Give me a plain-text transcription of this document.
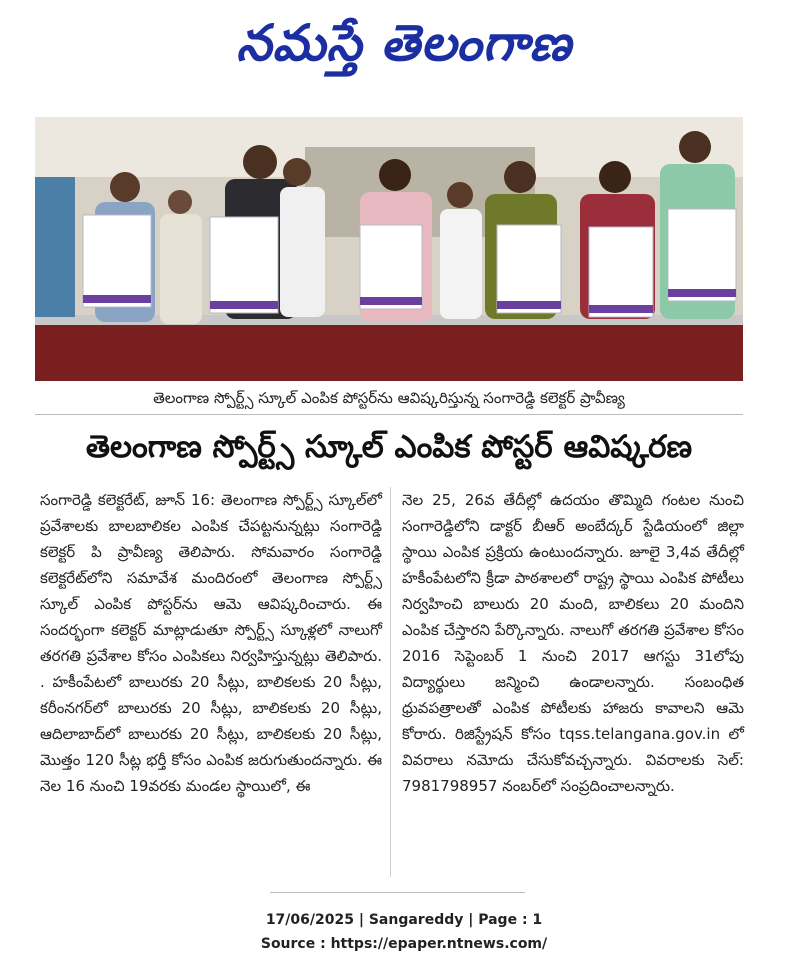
నమస్తే తెలంగాణ
తెలంగాణ స్పోర్ట్స్ స్కూల్ ఎంపిక పోస్టర్‌ను ఆవిష్కరిస్తున్న సంగారెడ్డి కలెక్టర్ ప్రావీణ్య
తెలంగాణ స్పోర్ట్స్ స్కూల్ ఎంపిక పోస్టర్ ఆవిష్కరణ

సంగారెడ్డి కలెక్టరేట్, జూన్ 16: తెలంగాణ స్పోర్ట్స్ స్కూల్‌లో ప్రవేశాలకు బాలబాలికల ఎంపిక చేపట్టనున్నట్లు సంగారెడ్డి కలెక్టర్ పి ప్రావీణ్య తెలిపారు. సోమవారం సంగారెడ్డి కలెక్టరేట్‌లోని సమావేశ మందిరంలో తెలంగాణ స్పోర్ట్స్ స్కూల్ ఎంపిక పోస్టర్‌ను ఆమె ఆవిష్కరించారు. ఈ సందర్భంగా కలెక్టర్ మాట్లాడుతూ స్పోర్ట్స్ స్కూళ్లలో నాలుగో తరగతి ప్రవేశాల కోసం ఎంపికలు నిర్వహిస్తున్నట్లు తెలిపారు. . హకీంపేటలో బాలురకు 20 సీట్లు, బాలికలకు 20 సీట్లు, కరీంనగర్‌లో బాలురకు 20 సీట్లు, బాలికలకు 20 సీట్లు, ఆదిలాబాద్‌లో బాలురకు 20 సీట్లు, బాలికలకు 20 సీట్లు, మొత్తం 120 సీట్ల భర్తీ కోసం ఎంపిక జరుగుతుందన్నారు. ఈ నెల 16 నుంచి 19వరకు మండల స్థాయిలో, ఈ

నెల 25, 26వ తేదీల్లో ఉదయం తొమ్మిది గంటల నుంచి సంగారెడ్డిలోని డాక్టర్ బీఆర్ అంబేద్కర్ స్టేడియంలో జిల్లా స్థాయి ఎంపిక ప్రక్రియ ఉంటుందన్నారు. జూలై 3,4వ తేదీల్లో హకీంపేటలోని క్రీడా పాఠశాలలో రాష్ట్ర స్థాయి ఎంపిక పోటీలు నిర్వహించి బాలురు 20 మంది, బాలికలు 20 మందిని ఎంపిక చేస్తారని పేర్కొన్నారు. నాలుగో తరగతి ప్రవేశాల కోసం 2016 సెప్టెంబర్ 1 నుంచి 2017 ఆగస్టు 31లోపు విద్యార్థులు జన్మించి ఉండాలన్నారు. సంబంధిత ధ్రువపత్రాలతో ఎంపిక పోటీలకు హాజరు కావాలని ఆమె కోరారు. రిజిస్ట్రేషన్ కోసం tqss.telangana.gov.in లో వివరాలు నమోదు చేసుకోవచ్చన్నారు. వివరాలకు సెల్: 7981798957 నంబర్‌లో సంప్రదించాలన్నారు.

17/06/2025 | Sangareddy | Page : 1
Source : https://epaper.ntnews.com/
